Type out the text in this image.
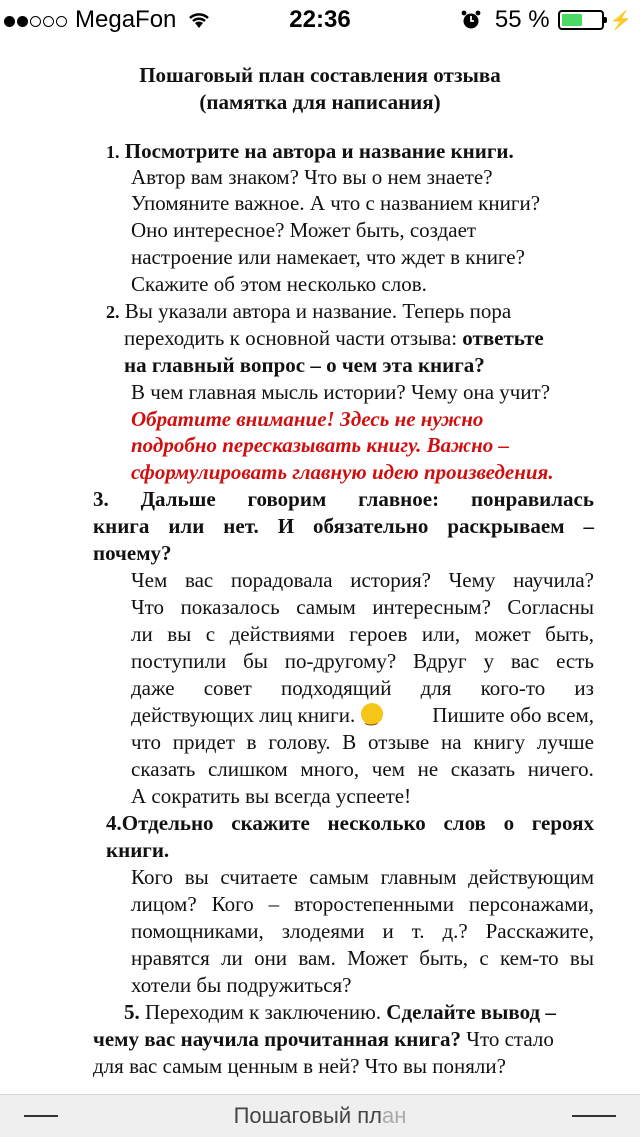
MegaFon	22:36	55 %	⚡
Пошаговый план составления отзыва
(памятка для написания)
1. Посмотрите на автора и название книги.
Автор вам знаком? Что вы о нем знаете?
Упомяните важное. А что с названием книги?
Оно интересное? Может быть, создает
настроение или намекает, что ждет в книге?
Скажите об этом несколько слов.
2. Вы указали автора и название. Теперь пора
переходить к основной части отзыва: ответьте
на главный вопрос – о чем эта книга?
В чем главная мысль истории? Чему она учит?
Обратите внимание! Здесь не нужно
подробно пересказывать книгу. Важно –
сформулировать главную идею произведения.
3. Дальше говорим главное: понравилась
книга или нет. И обязательно раскрываем –
почему?
Чем вас порадовала история? Чему научила?
Что показалось самым интересным? Согласны
ли вы с действиями героев или, может быть,
поступили бы по-другому? Вдруг у вас есть
даже совет подходящий для кого-то из
действующих лиц книги. ‿	Пишите обо всем,
что придет в голову. В отзыве на книгу лучше
сказать слишком много, чем не сказать ничего.
А сократить вы всегда успеете!
4.Отдельно скажите несколько слов о героях
книги.
Кого вы считаете самым главным действующим
лицом? Кого – второстепенными персонажами,
помощниками, злодеями и т. д.? Расскажите,
нравятся ли они вам. Может быть, с кем-то вы
хотели бы подружиться?
5. Переходим к заключению. Сделайте вывод –
чему вас научила прочитанная книга? Что стало
для вас самым ценным в ней? Что вы поняли?
Пошаговый план
